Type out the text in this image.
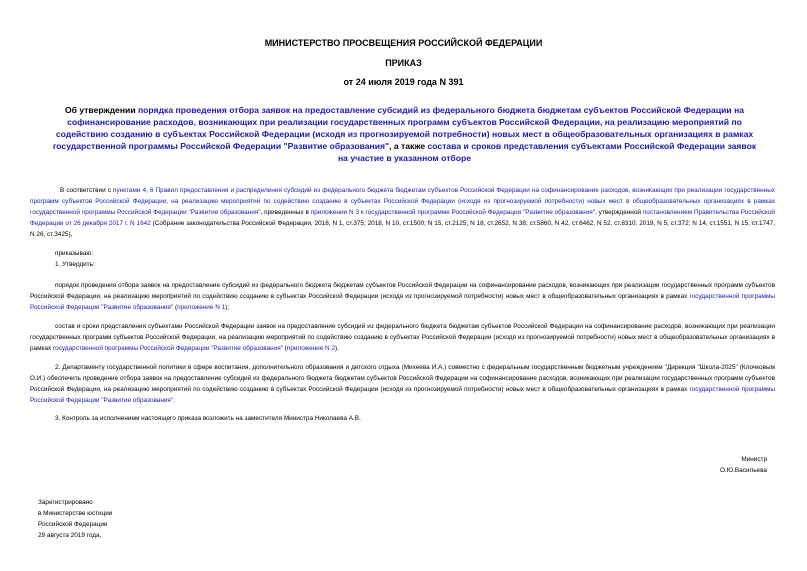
МИНИСТЕРСТВО ПРОСВЕЩЕНИЯ РОССИЙСКОЙ ФЕДЕРАЦИИ
ПРИКАЗ
от 24 июля 2019 года N 391
Об утверждении порядка проведения отбора заявок на предоставление субсидий из федерального бюджета бюджетам субъектов Российской Федерации на софинансирование расходов, возникающих при реализации государственных программ субъектов Российской Федерации, на реализацию мероприятий по содействию созданию в субъектах Российской Федерации (исходя из прогнозируемой потребности) новых мест в общеобразовательных организациях в рамках государственной программы Российской Федерации "Развитие образования", а также состава и сроков представления субъектами Российской Федерации заявок на участие в указанном отборе
В соответствии с пунктами 4, 6 Правил предоставления и распределения субсидий из федерального бюджета бюджетам субъектов Российской Федерации на софинансирование расходов, возникающих при реализации государственных программ субъектов Российской Федерации, на реализацию мероприятий по содействию созданию в субъектах Российской Федерации (исходя из прогнозируемой потребности) новых мест в общеобразовательных организациях в рамках государственной программы Российской Федерации "Развитие образования", приведенных в приложении N 3 к государственной программе Российской Федерации "Развитие образования", утвержденной постановлением Правительства Российской Федерации от 26 декабря 2017 г. N 1642 (Собрание законодательства Российской Федерации, 2018, N 1, ст.375; 2018, N 10, ст.1500; N 15, ст.2125, N 18, ст.2652, N 38, ст.5860, N 42, ст.6462, N 52, ст.8310; 2019, N 5, ст.372; N 14, ст.1551, N 15, ст.1747, N 26, ст.3425),
приказываю:
1. Утвердить:
порядок проведения отбора заявок на предоставление субсидий из федерального бюджета бюджетам субъектов Российской Федерации на софинансирование расходов, возникающих при реализации государственных программ субъектов Российской Федерации, на реализацию мероприятий по содействию созданию в субъектах Российской Федерации (исходя из прогнозируемой потребности) новых мест в общеобразовательных организациях в рамках государственной программы Российской Федерации "Развитие образования" (приложение N 1);
состав и сроки представления субъектами Российской Федерации заявок на предоставление субсидий из федерального бюджета бюджетам субъектов Российской Федерации на софинансирование расходов, возникающих при реализации государственных программ субъектов Российской Федерации, на реализацию мероприятий по содействию созданию в субъектах Российской Федерации (исходя из прогнозируемой потребности) новых мест в общеобразовательных организациях в рамках государственной программы Российской Федерации "Развитие образования" (приложение N 2).
2. Департаменту государственной политики в сфере воспитания, дополнительного образования и детского отдыха (Михеева И.А.) совместно с федеральным государственным бюджетным учреждением "Дирекция "Школа-2025" (Клочковым О.И.) обеспечить проведение отбора заявок на предоставление субсидий из федерального бюджета бюджетам субъектов Российской Федерации на софинансирование расходов, возникающих при реализации государственных программ субъектов Российской Федерации, на реализацию мероприятий по содействию созданию в субъектах Российской Федерации (исходя из прогнозируемой потребности) новых мест в общеобразовательных организациях в рамках государственной программы Российской Федерации "Развитие образования".
3. Контроль за исполнением настоящего приказа возложить на заместителя Министра Николаева А.В.
Министр
О.Ю.Васильева
Зарегистрировано
в Министерстве юстиции
Российской Федерации
29 августа 2019 года,
